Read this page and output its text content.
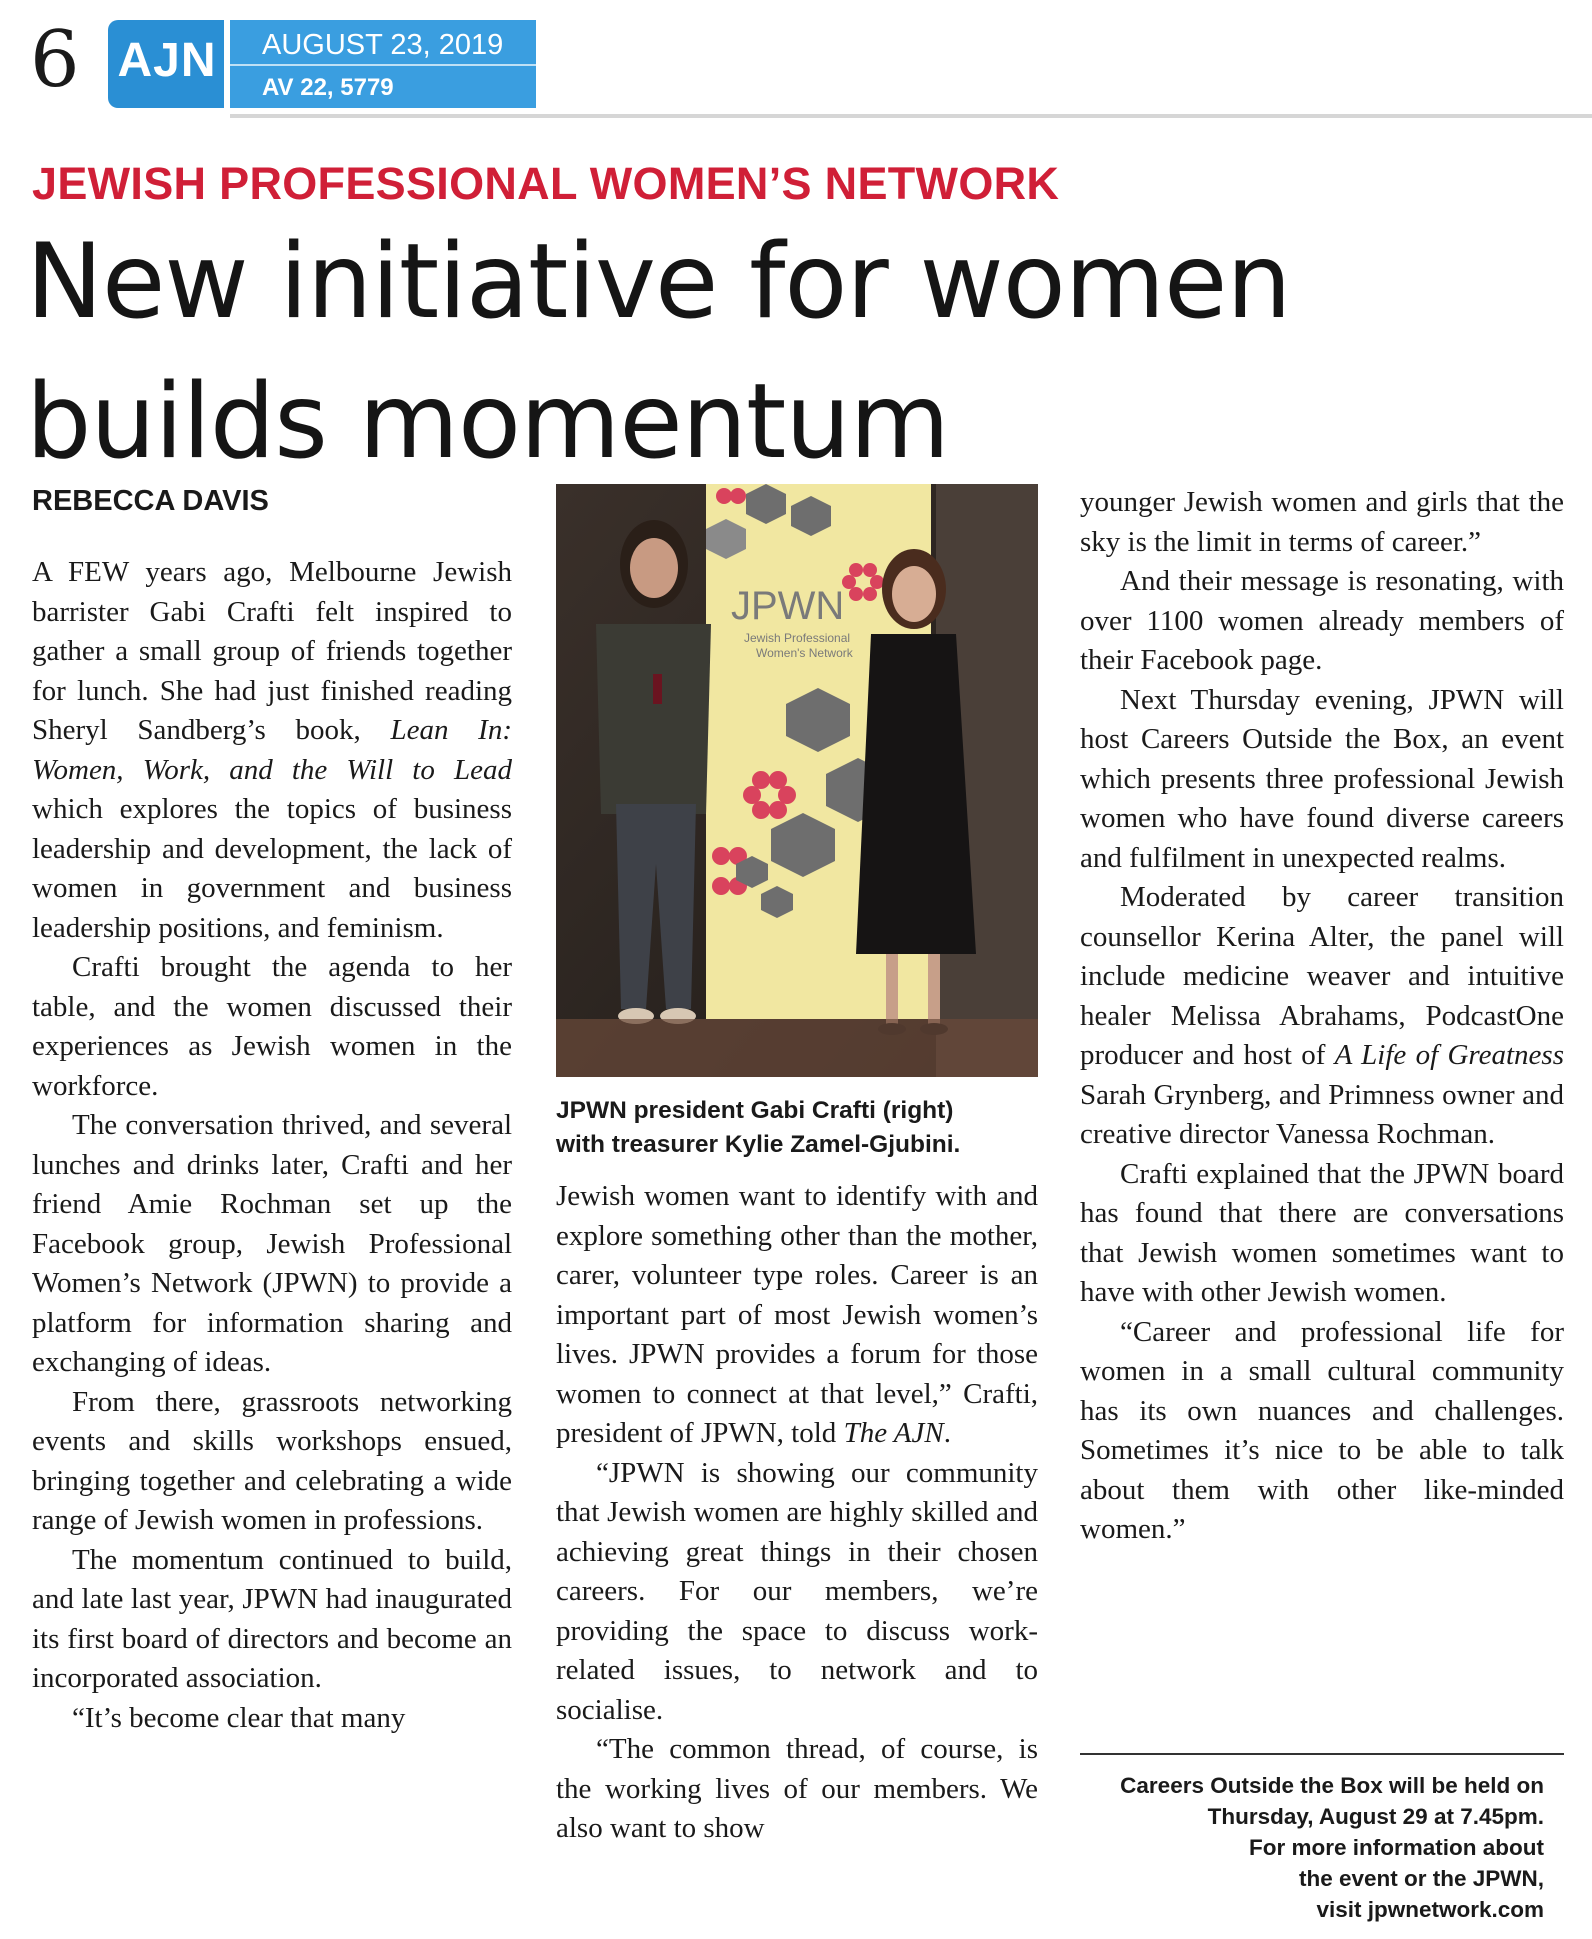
6 AJN AUGUST 23, 2019
AV 22, 5779
JEWISH PROFESSIONAL WOMEN’S NETWORK
New initiative for women
builds momentum
REBECCA DAVIS

A FEW years ago, Melbourne Jewish barrister Gabi Crafti felt inspired to gather a small group of friends together for lunch. She had just finished reading Sheryl Sandberg’s book, Lean In: Women, Work, and the Will to Lead which explores the topics of business leadership and development, the lack of women in government and business leadership positions, and feminism.

Crafti brought the agenda to her table, and the women discussed their experiences as Jewish women in the workforce.

The conversation thrived, and several lunches and drinks later, Crafti and her friend Amie Rochman set up the Facebook group, Jewish Professional Women’s Network (JPWN) to provide a platform for information sharing and exchanging of ideas.

From there, grassroots networking events and skills workshops ensued, bringing together and celebrating a wide range of Jewish women in professions.

The momentum continued to build, and late last year, JPWN had inaugurated its first board of directors and become an incorporated association.

“It’s become clear that many

JPWN
Jewish Professional
Women's Network
JPWN president Gabi Crafti (right)
with treasurer Kylie Zamel-Gjubini.

Jewish women want to identify with and explore something other than the mother, carer, volunteer type roles. Career is an important part of most Jewish women’s lives. JPWN provides a forum for those women to connect at that level,” Crafti, president of JPWN, told The AJN.

“JPWN is showing our community that Jewish women are highly skilled and achieving great things in their chosen careers. For our members, we’re providing the space to discuss work-related issues, to network and to socialise.

“The common thread, of course, is the working lives of our members. We also want to show

younger Jewish women and girls that the sky is the limit in terms of career.”

And their message is resonating, with over 1100 women already members of their Facebook page.

Next Thursday evening, JPWN will host Careers Outside the Box, an event which presents three professional Jewish women who have found diverse careers and fulfilment in unexpected realms.

Moderated by career transition counsellor Kerina Alter, the panel will include medicine weaver and intuitive healer Melissa Abrahams, PodcastOne producer and host of A Life of Greatness Sarah Grynberg, and Primness owner and creative director Vanessa Rochman.

Crafti explained that the JPWN board has found that there are conversations that Jewish women sometimes want to have with other Jewish women.

“Career and professional life for women in a small cultural community has its own nuances and challenges. Sometimes it’s nice to be able to talk about them with other like-minded women.”

Careers Outside the Box will be held on
Thursday, August 29 at 7.45pm.
For more information about
the event or the JPWN,
visit jpwnetwork.com
